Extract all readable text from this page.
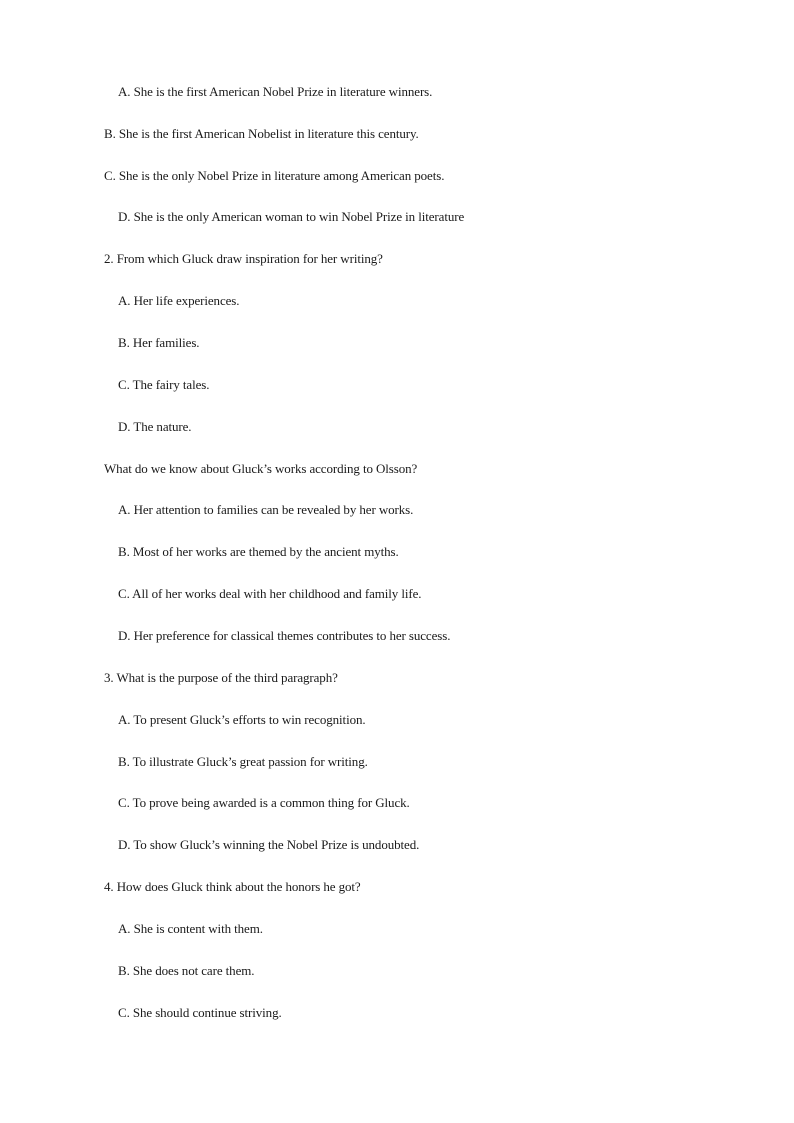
A. She is the first American Nobel Prize in literature winners.
B. She is the first American Nobelist in literature this century.
C. She is the only Nobel Prize in literature among American poets.
D. She is the only American woman to win Nobel Prize in literature
2. From which Gluck draw inspiration for her writing?
A. Her life experiences.
B. Her families.
C. The fairy tales.
D. The nature.
What do we know about Gluck’s works according to Olsson?
A. Her attention to families can be revealed by her works.
B. Most of her works are themed by the ancient myths.
C. All of her works deal with her childhood and family life.
D. Her preference for classical themes contributes to her success.
3. What is the purpose of the third paragraph?
A. To present Gluck’s efforts to win recognition.
B. To illustrate Gluck’s great passion for writing.
C. To prove being awarded is a common thing for Gluck.
D. To show Gluck’s winning the Nobel Prize is undoubted.
4. How does Gluck think about the honors he got?
A. She is content with them.
B. She does not care them.
C. She should continue striving.
